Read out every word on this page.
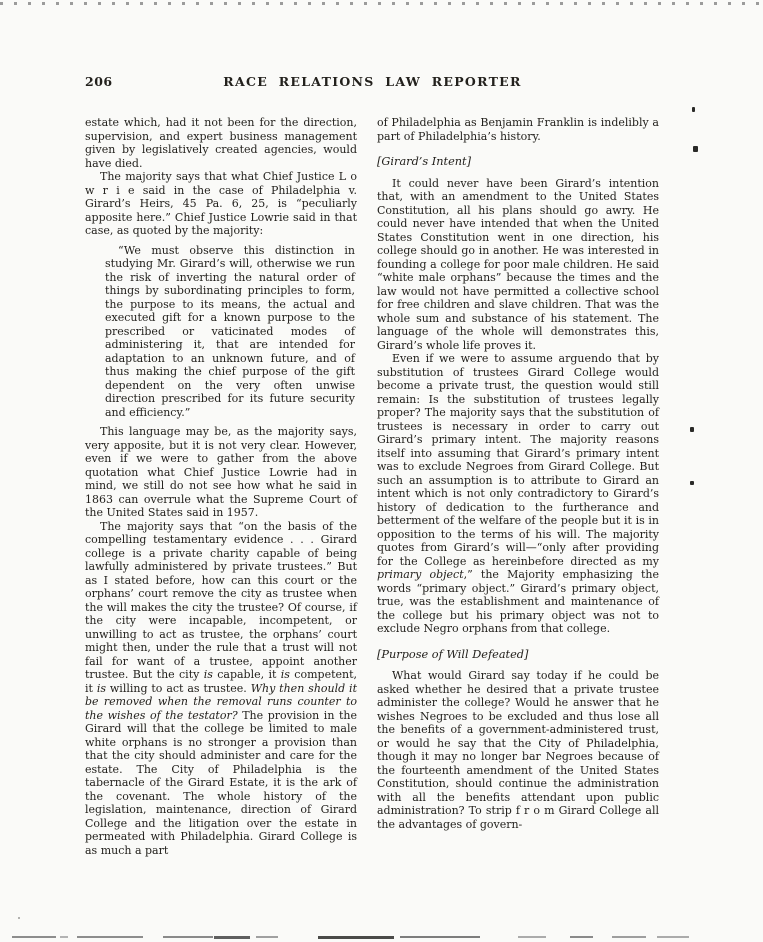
206	RACE RELATIONS LAW REPORTER

estate which, had it not been for the direction, supervision, and expert business management given by legislatively created agencies, would have died.

The majority says that what Chief Justice L o w r i e said in the case of Philadelphia v. Girard’s Heirs, 45 Pa. 6, 25, is “peculiarly apposite here.” Chief Justice Lowrie said in that case, as quoted by the majority:

“We must observe this distinction in studying Mr. Girard’s will, otherwise we run the risk of inverting the natural order of things by subordinating principles to form, the purpose to its means, the actual and executed gift for a known purpose to the prescribed or vaticinated modes of administering it, that are intended for adaptation to an unknown future, and of thus making the chief purpose of the gift dependent on the very often unwise direction prescribed for its future security and efficiency.”

This language may be, as the majority says, very apposite, but it is not very clear. However, even if we were to gather from the above quotation what Chief Justice Lowrie had in mind, we still do not see how what he said in 1863 can overrule what the Supreme Court of the United States said in 1957.

The majority says that “on the basis of the compelling testamentary evidence . . . Girard college is a private charity capable of being lawfully administered by private trustees.” But as I stated before, how can this court or the orphans’ court remove the city as trustee when the will makes the city the trustee? Of course, if the city were incapable, incompetent, or unwilling to act as trustee, the orphans’ court might then, under the rule that a trust will not fail for want of a trustee, appoint another trustee. But the city is capable, it is competent, it is willing to act as trustee. Why then should it be removed when the removal runs counter to the wishes of the testator? The provision in the Girard will that the college be limited to male white orphans is no stronger a provision than that the city should administer and care for the estate. The City of Philadelphia is the tabernacle of the Girard Estate, it is the ark of the covenant. The whole history of the legislation, maintenance, direction of Girard College and the litigation over the estate in permeated with Philadelphia. Girard College is as much a part

of Philadelphia as Benjamin Franklin is indelibly a part of Philadelphia’s history.

[Girard’s Intent]

It could never have been Girard’s intention that, with an amendment to the United States Constitution, all his plans should go awry. He could never have intended that when the United States Constitution went in one direction, his college should go in another. He was interested in founding a college for poor male children. He said “white male orphans” because the times and the law would not have permitted a collective school for free children and slave children. That was the whole sum and substance of his statement. The language of the whole will demonstrates this, Girard’s whole life proves it.

Even if we were to assume arguendo that by substitution of trustees Girard College would become a private trust, the question would still remain: Is the substitution of trustees legally proper? The majority says that the substitution of trustees is necessary in order to carry out Girard’s primary intent. The majority reasons itself into assuming that Girard’s primary intent was to exclude Negroes from Girard College. But such an assumption is to attribute to Girard an intent which is not only contradictory to Girard’s history of dedication to the furtherance and betterment of the welfare of the people but it is in opposition to the terms of his will. The majority quotes from Girard’s will—“only after providing for the College as hereinbefore directed as my primary object,” the Majority emphasizing the words “primary object.” Girard’s primary object, true, was the establishment and maintenance of the college but his primary object was not to exclude Negro orphans from that college.

[Purpose of Will Defeated]

What would Girard say today if he could be asked whether he desired that a private trustee administer the college? Would he answer that he wishes Negroes to be excluded and thus lose all the benefits of a government-administered trust, or would he say that the City of Philadelphia, though it may no longer bar Negroes because of the fourteenth amendment of the United States Constitution, should continue the administration with all the benefits attendant upon public administration? To strip f r o m Girard College all the advantages of govern-
